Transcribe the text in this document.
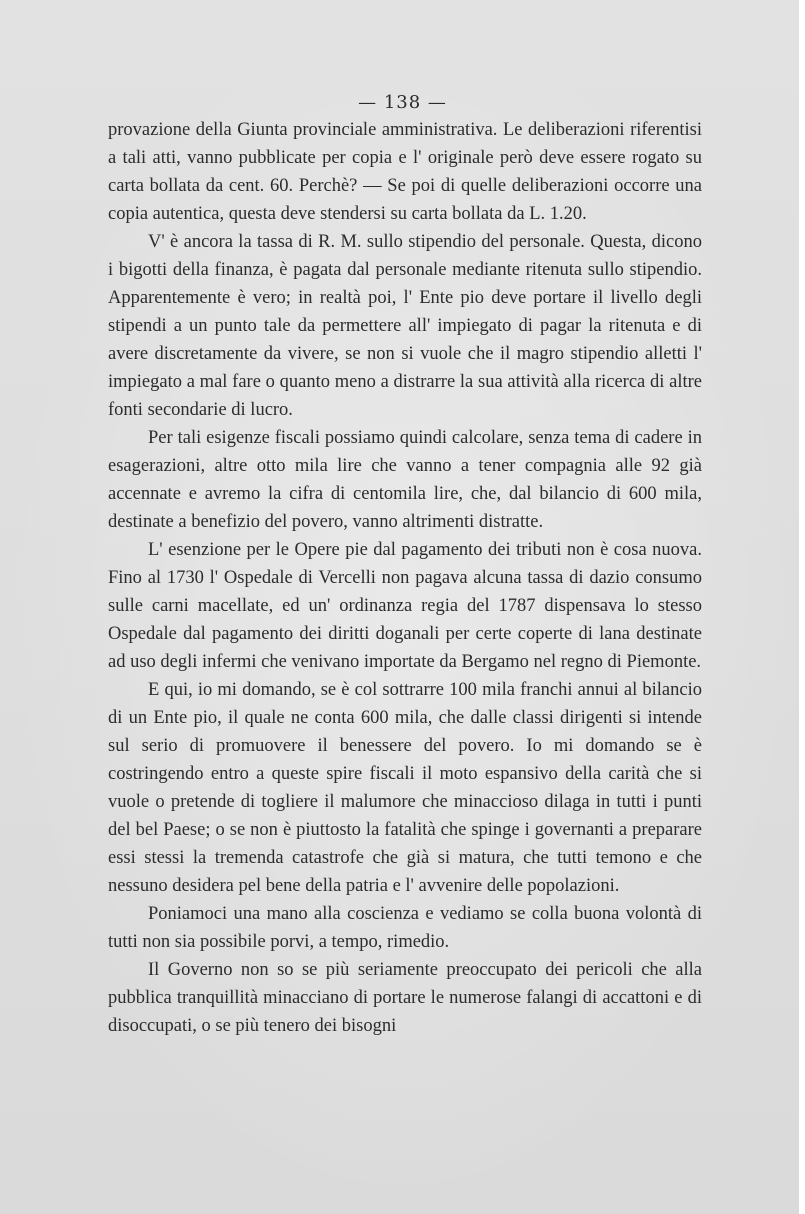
— 138 —

provazione della Giunta provinciale amministrativa. Le deliberazioni riferentisi a tali atti, vanno pubblicate per copia e l' originale però deve essere rogato su carta bollata da cent. 60. Perchè? — Se poi di quelle deliberazioni occorre una copia autentica, questa deve stendersi su carta bollata da L. 1.20.

V' è ancora la tassa di R. M. sullo stipendio del personale. Questa, dicono i bigotti della finanza, è pagata dal personale mediante ritenuta sullo stipendio. Apparentemente è vero; in realtà poi, l' Ente pio deve portare il livello degli stipendi a un punto tale da permettere all' impiegato di pagar la ritenuta e di avere discretamente da vivere, se non si vuole che il magro stipendio alletti l' impiegato a mal fare o quanto meno a distrarre la sua attività alla ricerca di altre fonti secondarie di lucro.

Per tali esigenze fiscali possiamo quindi calcolare, senza tema di cadere in esagerazioni, altre otto mila lire che vanno a tener compagnia alle 92 già accennate e avremo la cifra di centomila lire, che, dal bilancio di 600 mila, destinate a benefizio del povero, vanno altrimenti distratte.

L' esenzione per le Opere pie dal pagamento dei tributi non è cosa nuova. Fino al 1730 l' Ospedale di Vercelli non pagava alcuna tassa di dazio consumo sulle carni macellate, ed un' ordinanza regia del 1787 dispensava lo stesso Ospedale dal pagamento dei diritti doganali per certe coperte di lana destinate ad uso degli infermi che venivano importate da Bergamo nel regno di Piemonte.

E qui, io mi domando, se è col sottrarre 100 mila franchi annui al bilancio di un Ente pio, il quale ne conta 600 mila, che dalle classi dirigenti si intende sul serio di promuovere il benessere del povero. Io mi domando se è costringendo entro a queste spire fiscali il moto espansivo della carità che si vuole o pretende di togliere il malumore che minaccioso dilaga in tutti i punti del bel Paese; o se non è piuttosto la fatalità che spinge i governanti a preparare essi stessi la tremenda catastrofe che già si matura, che tutti temono e che nessuno desidera pel bene della patria e l' avvenire delle popolazioni.

Poniamoci una mano alla coscienza e vediamo se colla buona volontà di tutti non sia possibile porvi, a tempo, rimedio.

Il Governo non so se più seriamente preoccupato dei pericoli che alla pubblica tranquillità minacciano di portare le numerose falangi di accattoni e di disoccupati, o se più tenero dei bisogni
